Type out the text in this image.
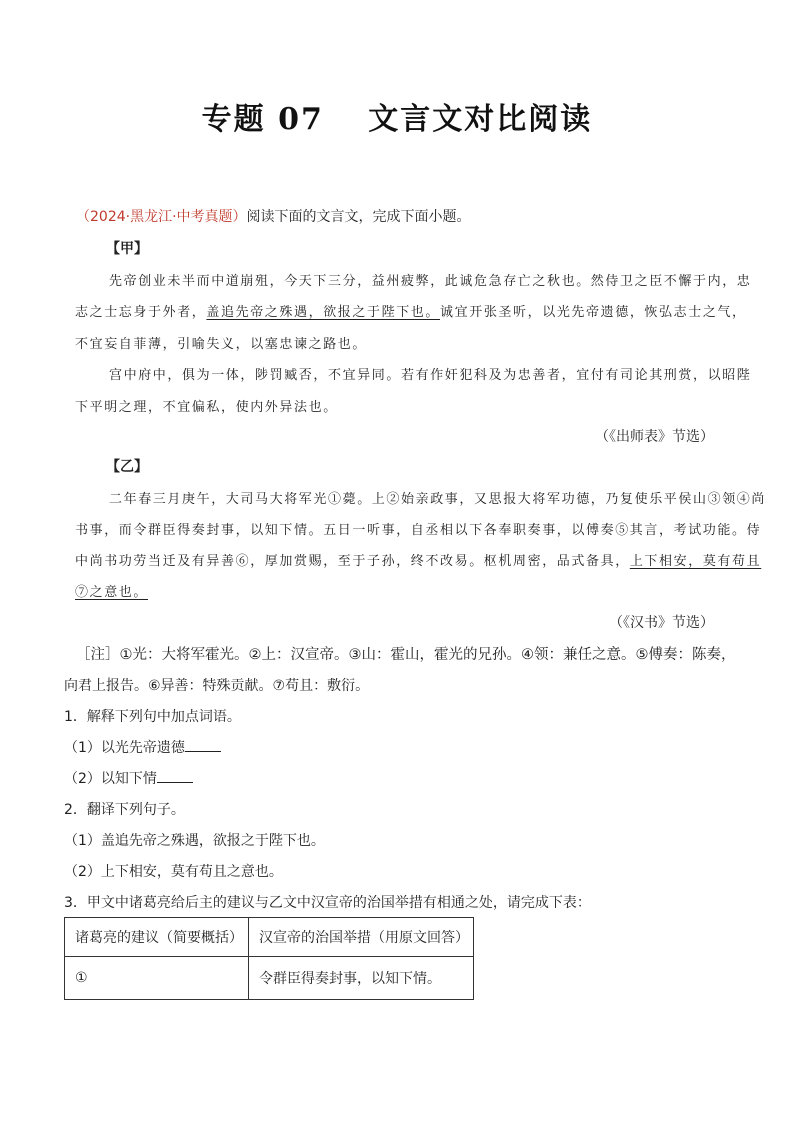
专题 07　 文言文对比阅读
（2024·黑龙江·中考真题）阅读下面的文言文，完成下面小题。
【甲】
先帝创业未半而中道崩殂，今天下三分，益州疲弊，此诚危急存亡之秋也。然侍卫之臣不懈于内，忠
志之士忘身于外者，盖追先帝之殊遇，欲报之于陛下也。诚宜开张圣听，以光先帝遗德，恢弘志士之气，
不宜妄自菲薄，引喻失义，以塞忠谏之路也。
宫中府中，俱为一体，陟罚臧否，不宜异同。若有作奸犯科及为忠善者，宜付有司论其刑赏，以昭陛
下平明之理，不宜偏私，使内外异法也。
（《出师表》节选）
【乙】
二年春三月庚午，大司马大将军光①薨。上②始亲政事，又思报大将军功德，乃复使乐平侯山③领④尚
书事，而令群臣得奏封事，以知下情。五日一听事，自丞相以下各奉职奏事，以傅奏⑤其言，考试功能。侍
中尚书功劳当迁及有异善⑥，厚加赏赐，至于子孙，终不改易。枢机周密，品式备具，上下相安，莫有苟且
⑦之意也。
（《汉书》节选）
［注］①光：大将军霍光。②上：汉宣帝。③山：霍山，霍光的兄孙。④领：兼任之意。⑤傅奏：陈奏，
向君上报告。⑥异善：特殊贡献。⑦苟且：敷衍。
1．解释下列句中加点词语。
（1）以光先帝遗德
（2）以知下情
2．翻译下列句子。
（1）盖追先帝之殊遇，欲报之于陛下也。
（2）上下相安，莫有苟且之意也。
3．甲文中诸葛亮给后主的建议与乙文中汉宣帝的治国举措有相通之处，请完成下表：
诸葛亮的建议（简要概括）	汉宣帝的治国举措（用原文回答）
①	令群臣得奏封事，以知下情。
